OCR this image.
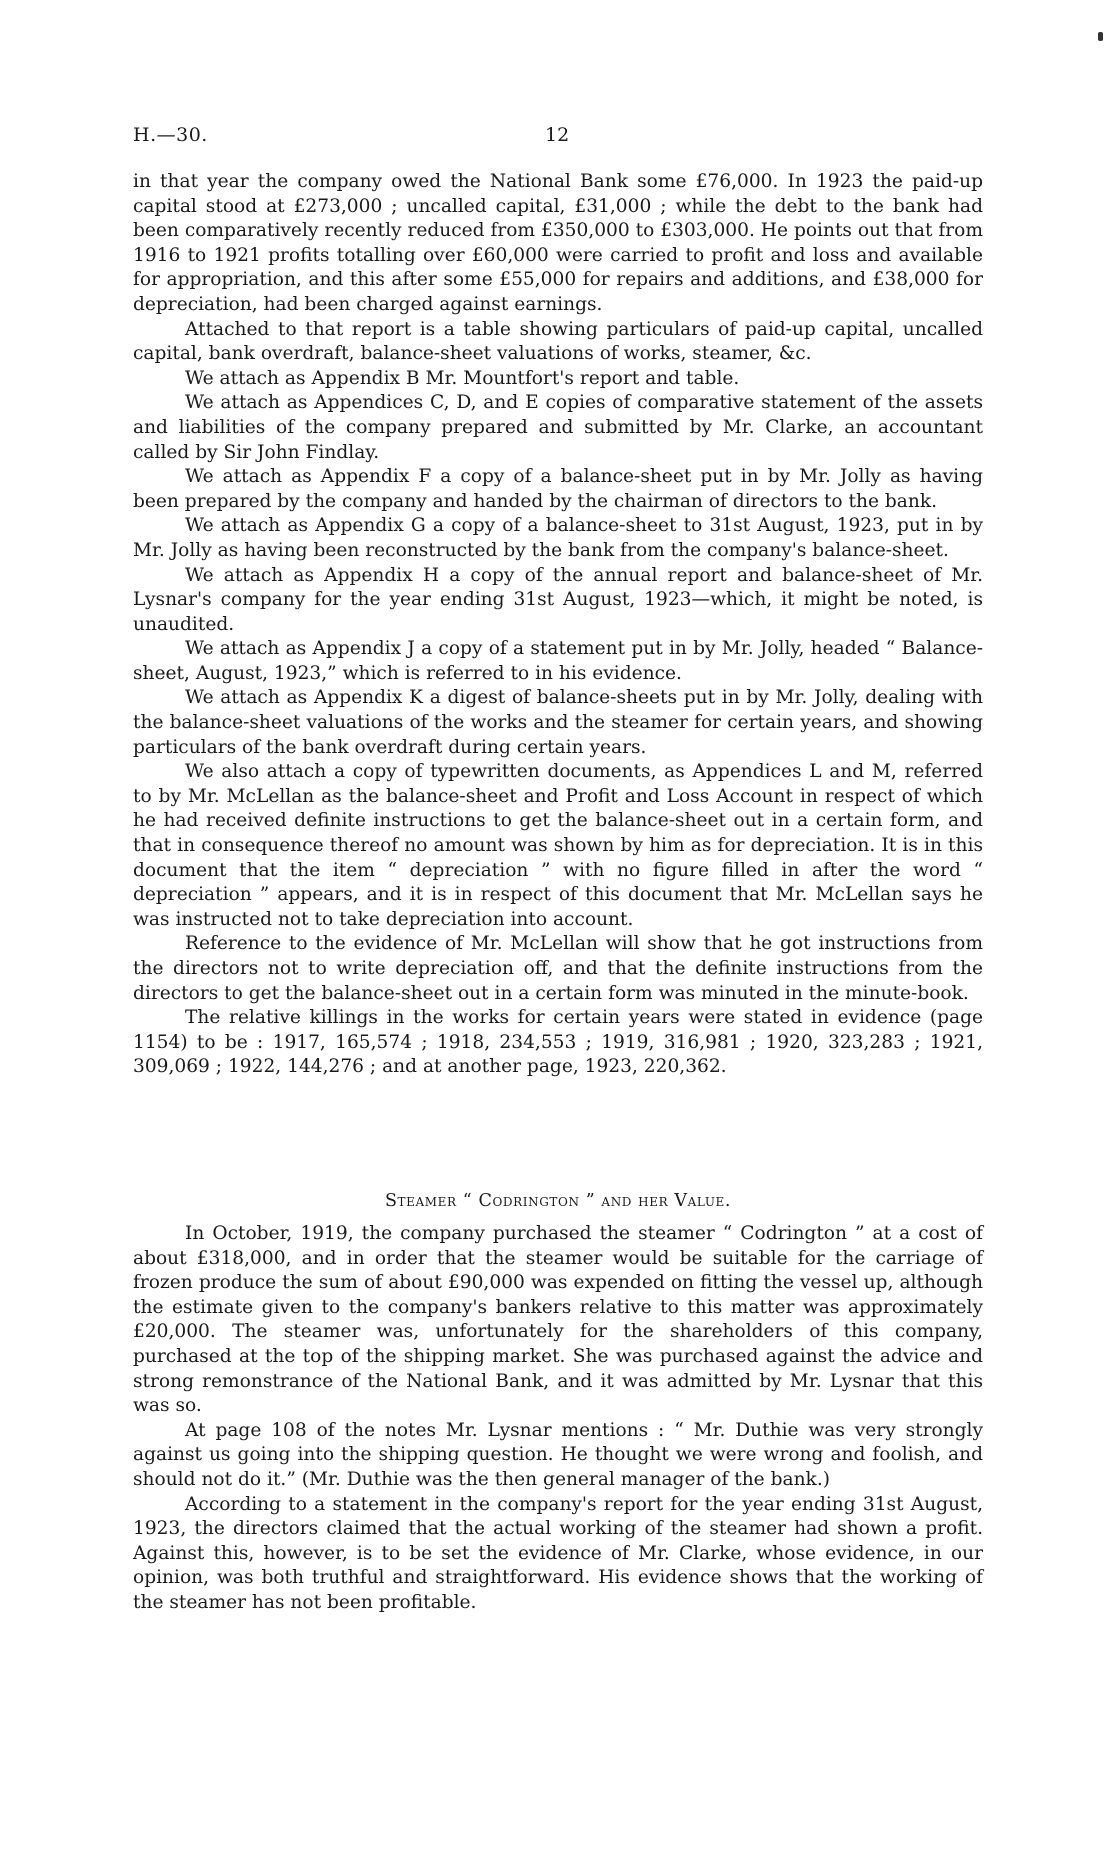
H.—30.	12

in that year the company owed the National Bank some £76,000. In 1923 the paid-up capital stood at £273,000 ; uncalled capital, £31,000 ; while the debt to the bank had been comparatively recently reduced from £350,000 to £303,000. He points out that from 1916 to 1921 profits totalling over £60,000 were carried to profit and loss and available for appropriation, and this after some £55,000 for repairs and additions, and £38,000 for depreciation, had been charged against earnings.

Attached to that report is a table showing particulars of paid-up capital, uncalled capital, bank overdraft, balance-sheet valuations of works, steamer, &c.

We attach as Appendix B Mr. Mountfort's report and table.

We attach as Appendices C, D, and E copies of comparative statement of the assets and liabilities of the company prepared and submitted by Mr. Clarke, an accountant called by Sir John Findlay.

We attach as Appendix F a copy of a balance-sheet put in by Mr. Jolly as having been prepared by the company and handed by the chairman of directors to the bank.

We attach as Appendix G a copy of a balance-sheet to 31st August, 1923, put in by Mr. Jolly as having been reconstructed by the bank from the company's balance-sheet.

We attach as Appendix H a copy of the annual report and balance-sheet of Mr. Lysnar's company for the year ending 31st August, 1923—which, it might be noted, is unaudited.

We attach as Appendix J a copy of a statement put in by Mr. Jolly, headed “ Balance-sheet, August, 1923,” which is referred to in his evidence.

We attach as Appendix K a digest of balance-sheets put in by Mr. Jolly, dealing with the balance-sheet valuations of the works and the steamer for certain years, and showing particulars of the bank overdraft during certain years.

We also attach a copy of typewritten documents, as Appendices L and M, referred to by Mr. McLellan as the balance-sheet and Profit and Loss Account in respect of which he had received definite instructions to get the balance-sheet out in a certain form, and that in consequence thereof no amount was shown by him as for depreciation. It is in this document that the item “ depreciation ” with no figure filled in after the word “ depreciation ” appears, and it is in respect of this document that Mr. McLellan says he was instructed not to take depreciation into account.

Reference to the evidence of Mr. McLellan will show that he got instructions from the directors not to write depreciation off, and that the definite instructions from the directors to get the balance-sheet out in a certain form was minuted in the minute-book.

The relative killings in the works for certain years were stated in evidence (page 1154) to be : 1917, 165,574 ; 1918, 234,553 ; 1919, 316,981 ; 1920, 323,283 ; 1921, 309,069 ; 1922, 144,276 ; and at another page, 1923, 220,362.

Steamer “ Codrington ” and her Value.

In October, 1919, the company purchased the steamer “ Codrington ” at a cost of about £318,000, and in order that the steamer would be suitable for the carriage of frozen produce the sum of about £90,000 was expended on fitting the vessel up, although the estimate given to the company's bankers relative to this matter was approximately £20,000. The steamer was, unfortunately for the shareholders of this company, purchased at the top of the shipping market. She was purchased against the advice and strong remonstrance of the National Bank, and it was admitted by Mr. Lysnar that this was so.

At page 108 of the notes Mr. Lysnar mentions : “ Mr. Duthie was very strongly against us going into the shipping question. He thought we were wrong and foolish, and should not do it.” (Mr. Duthie was the then general manager of the bank.)

According to a statement in the company's report for the year ending 31st August, 1923, the directors claimed that the actual working of the steamer had shown a profit. Against this, however, is to be set the evidence of Mr. Clarke, whose evidence, in our opinion, was both truthful and straightforward. His evidence shows that the working of the steamer has not been profitable.
